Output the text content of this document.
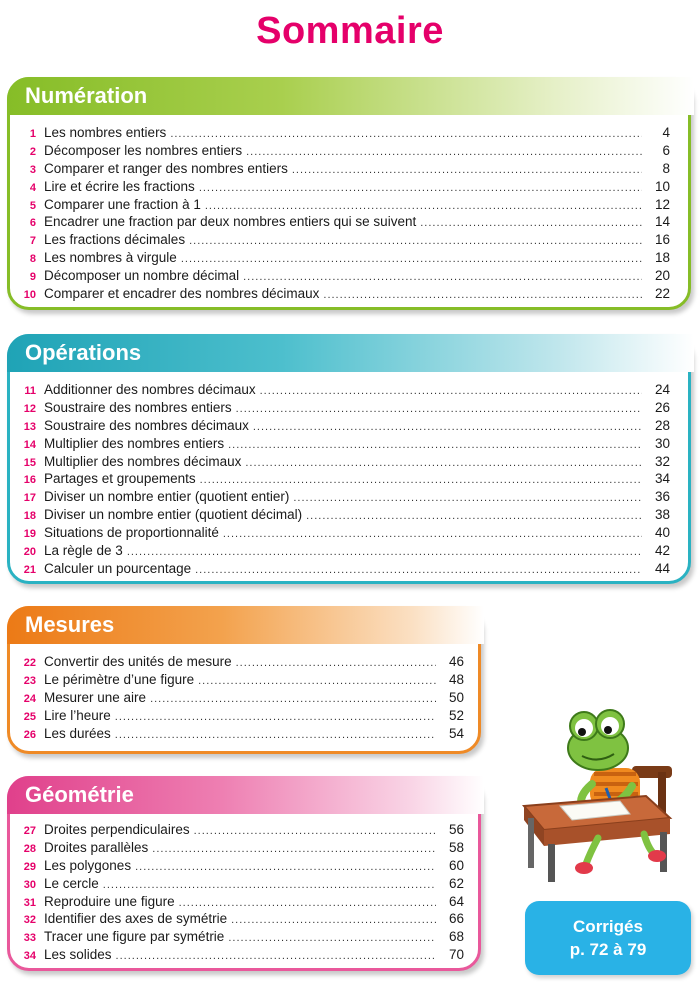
Sommaire
Numération
1 Les nombres entiers .....	4
2 Décomposer les nombres entiers .....	6
3 Comparer et ranger des nombres entiers .....	8
4 Lire et écrire les fractions .....	10
5 Comparer une fraction à 1 .....	12
6 Encadrer une fraction par deux nombres entiers qui se suivent .....	14
7 Les fractions décimales .....	16
8 Les nombres à virgule .....	18
9 Décomposer un nombre décimal .....	20
10 Comparer et encadrer des nombres décimaux .....	22
Opérations
11 Additionner des nombres décimaux .....	24
12 Soustraire des nombres entiers .....	26
13 Soustraire des nombres décimaux .....	28
14 Multiplier des nombres entiers .....	30
15 Multiplier des nombres décimaux .....	32
16 Partages et groupements .....	34
17 Diviser un nombre entier (quotient entier) .....	36
18 Diviser un nombre entier (quotient décimal) .....	38
19 Situations de proportionnalité .....	40
20 La règle de 3 .....	42
21 Calculer un pourcentage .....	44
Mesures
22 Convertir des unités de mesure .....	46
23 Le périmètre d’une figure .....	48
24 Mesurer une aire .....	50
25 Lire l’heure .....	52
26 Les durées .....	54
Géométrie
27 Droites perpendiculaires .....	56
28 Droites parallèles .....	58
29 Les polygones .....	60
30 Le cercle .....	62
31 Reproduire une figure .....	64
32 Identifier des axes de symétrie .....	66
33 Tracer une figure par symétrie .....	68
34 Les solides .....	70
Corrigés
p. 72 à 79
